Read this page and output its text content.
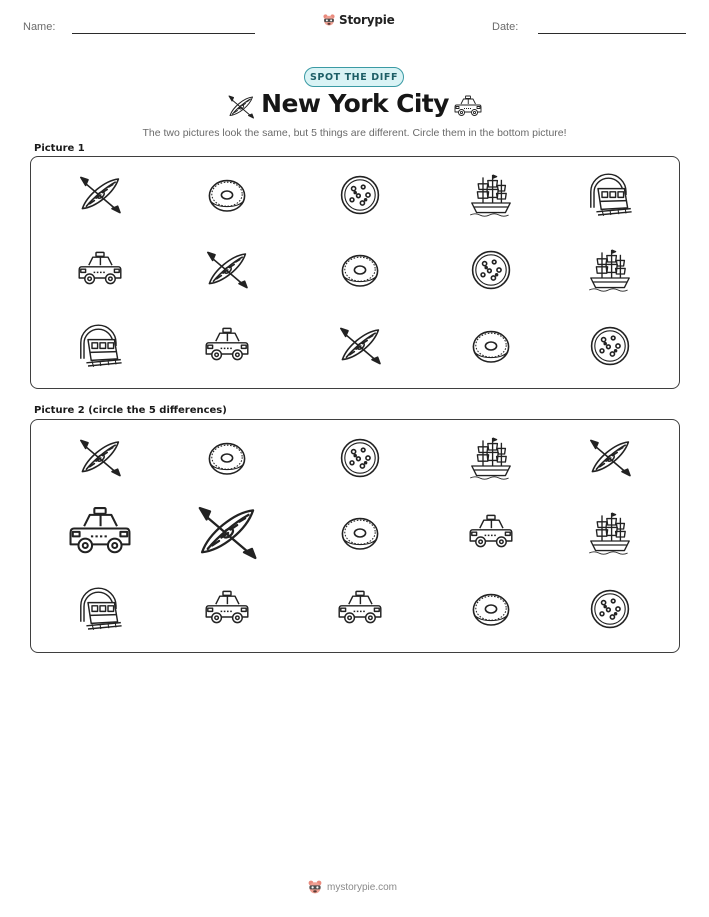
Name:	Storypie	Date:
SPOT THE DIFF
New York City
The two pictures look the same, but 5 things are different. Circle them in the bottom picture!
Picture 1
Picture 2 (circle the 5 differences)
mystorypie.com
